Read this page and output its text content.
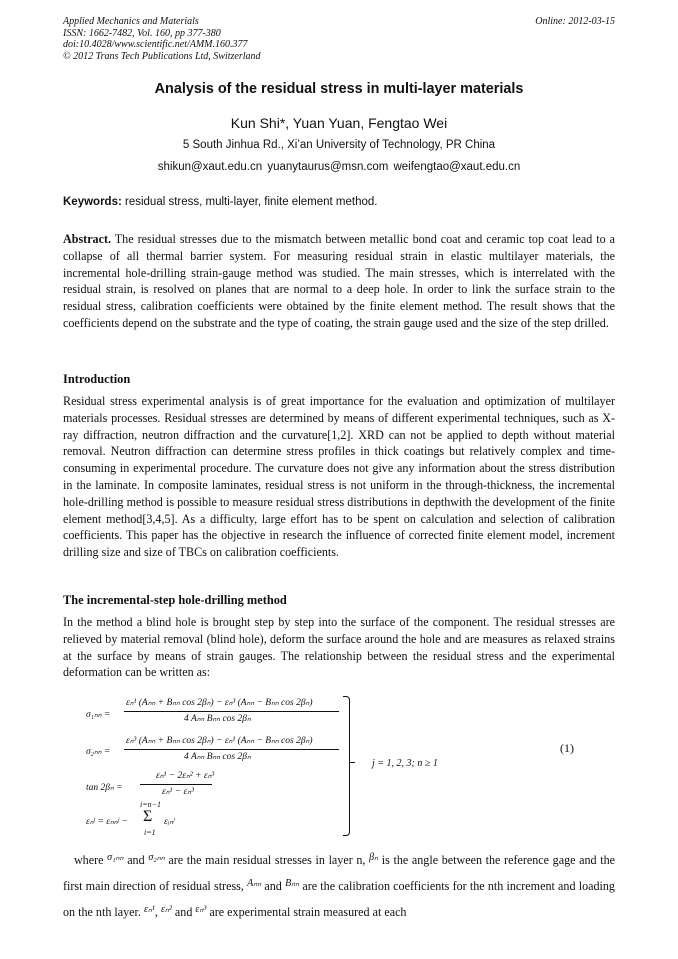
Applied Mechanics and Materials
ISSN: 1662-7482, Vol. 160, pp 377-380
doi:10.4028/www.scientific.net/AMM.160.377
© 2012 Trans Tech Publications Ltd, Switzerland
Online: 2012-03-15
Analysis of the residual stress in multi-layer materials
Kun Shi*, Yuan Yuan, Fengtao Wei
5 South Jinhua Rd., Xi’an University of Technology, PR China
shikun@xaut.edu.cn yuanytaurus@msn.com weifengtao@xaut.edu.cn
Keywords: residual stress, multi-layer, finite element method.
Abstract. The residual stresses due to the mismatch between metallic bond coat and ceramic top coat lead to a collapse of all thermal barrier system. For measuring residual strain in elastic multilayer materials, the incremental hole-drilling strain-gauge method was studied. The main stresses, which is interrelated with the residual strain, is resolved on planes that are normal to a deep hole. In order to link the surface strain to the residual stress, calibration coefficients were obtained by the finite element method. The result shows that the coefficients depend on the substrate and the type of coating, the strain gauge used and the size of the step drilled.
Introduction
Residual stress experimental analysis is of great importance for the evaluation and optimization of multilayer materials processes. Residual stresses are determined by means of different experimental techniques, such as X-ray diffraction, neutron diffraction and the curvature[1,2]. XRD can not be applied to depth without material removal. Neutron diffraction can determine stress profiles in thick coatings but relatively complex and time-consuming in experimental procedure. The curvature does not give any information about the stress distribution in the laminate. In composite laminates, residual stress is not uniform in the through-thickness, the incremental hole-drilling method is possible to measure residual stress distributions in depthwith the development of the finite element method[3,4,5]. As a difficulty, large effort has to be spent on calculation and selection of calibration coefficients. This paper has the objective in research the influence of corrected finite element model, increment drilling size and size of TBCs on calibration coefficients.
The incremental-step hole-drilling method
In the method a blind hole is brought step by step into the surface of the component. The residual stresses are relieved by material removal (blind hole), deform the surface around the hole and are measures as relaxed strains at the surface by means of strain gauges. The relationship between the residual stress and the experimental deformation can be written as:
σ₁ₙₙ =
εₙ¹ (Aₙₙ + Bₙₙ cos 2βₙ) − εₙ³ (Aₙₙ − Bₙₙ cos 2βₙ)
4 Aₙₙ Bₙₙ cos 2βₙ
σ₂ₙₙ =
εₙ³ (Aₙₙ + Bₙₙ cos 2βₙ) − εₙ¹ (Aₙₙ − Bₙₙ cos 2βₙ)
4 Aₙₙ Bₙₙ cos 2βₙ
tan 2βₙ =
εₙ¹ − 2εₙ² + εₙ³
εₙ¹ − εₙ³
εₙʲ = εₙₙʲ −
i=n−1
Σ
i=1
εᵢₙʲ
j = 1, 2, 3; n ≥ 1
(1)
where $^{\sigma_{1nn}}$ and $^{\sigma_{2nn}}$ are the main residual stresses in layer n, $^{\beta_n}$ is the angle between the reference gage and the first main direction of residual stress, $^{A_{nn}}$ and $^{B_{nn}}$ are the calibration coefficients for the nth increment and loading on the nth layer. $^{\varepsilon_n^1}$, $^{\varepsilon_n^2}$ and $^{\varepsilon_n^3}$ are experimental strain measured at each
